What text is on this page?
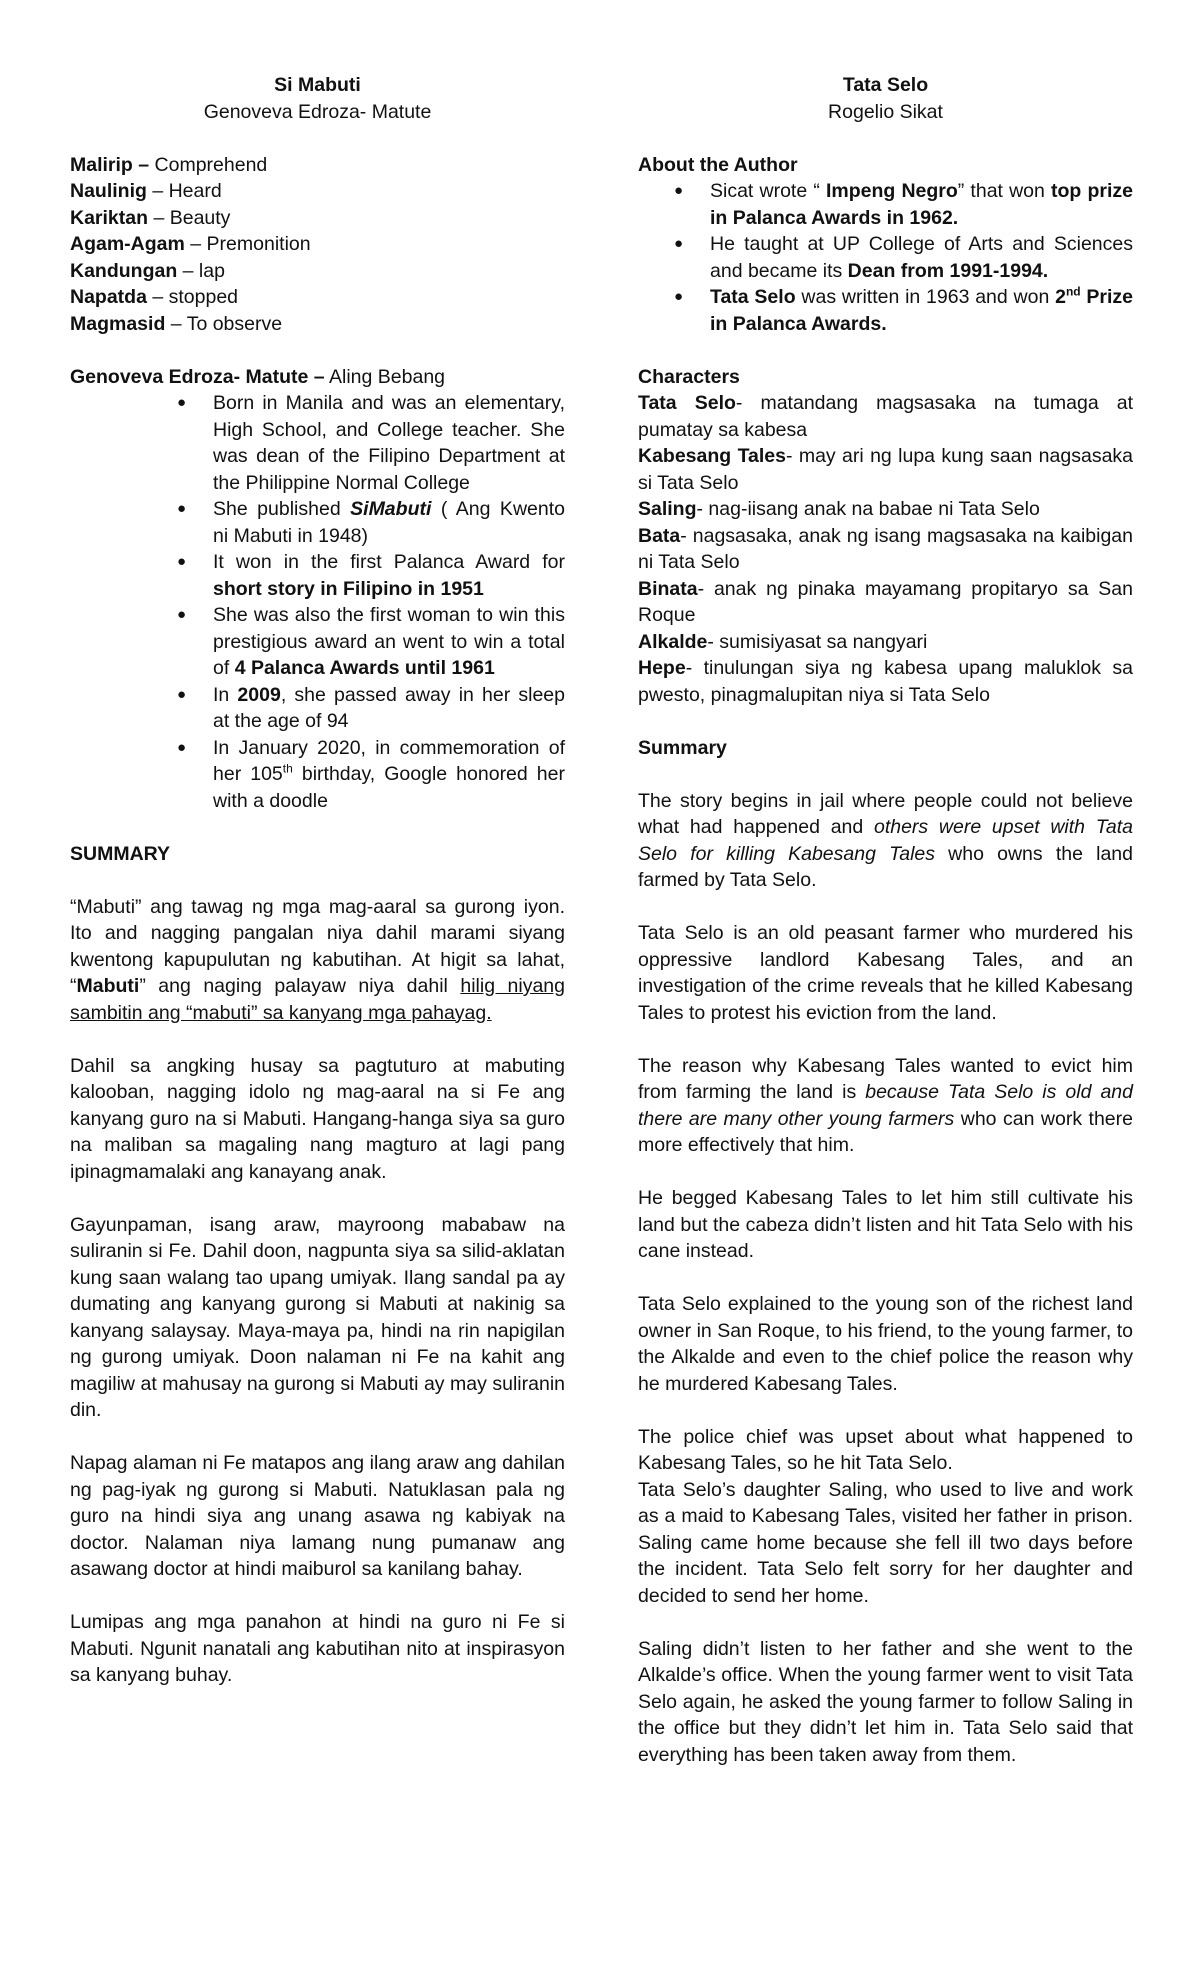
Si Mabuti
Genoveva Edroza- Matute
Malirip – Comprehend
Naulinig – Heard
Kariktan – Beauty
Agam-Agam – Premonition
Kandungan – lap
Napatda – stopped
Magmasid – To observe
Genoveva Edroza- Matute – Aling Bebang
● Born in Manila and was an elementary, High School, and College teacher. She was dean of the Filipino Department at the Philippine Normal College
● She published SiMabuti ( Ang Kwento ni Mabuti in 1948)
● It won in the first Palanca Award for short story in Filipino in 1951
● She was also the first woman to win this prestigious award an went to win a total of 4 Palanca Awards until 1961
● In 2009, she passed away in her sleep at the age of 94
● In January 2020, in commemoration of her 105th birthday, Google honored her with a doodle
SUMMARY

“Mabuti” ang tawag ng mga mag-aaral sa gurong iyon. Ito and nagging pangalan niya dahil marami siyang kwentong kapupulutan ng kabutihan. At higit sa lahat, “Mabuti” ang naging palayaw niya dahil hilig niyang sambitin ang “mabuti” sa kanyang mga pahayag.

Dahil sa angking husay sa pagtuturo at mabuting kalooban, nagging idolo ng mag-aaral na si Fe ang kanyang guro na si Mabuti. Hangang-hanga siya sa guro na maliban sa magaling nang magturo at lagi pang ipinagmamalaki ang kanayang anak.

Gayunpaman, isang araw, mayroong mababaw na suliranin si Fe. Dahil doon, nagpunta siya sa silid-aklatan kung saan walang tao upang umiyak. Ilang sandal pa ay dumating ang kanyang gurong si Mabuti at nakinig sa kanyang salaysay. Maya-maya pa, hindi na rin napigilan ng gurong umiyak. Doon nalaman ni Fe na kahit ang magiliw at mahusay na gurong si Mabuti ay may suliranin din.

Napag alaman ni Fe matapos ang ilang araw ang dahilan ng pag-iyak ng gurong si Mabuti. Natuklasan pala ng guro na hindi siya ang unang asawa ng kabiyak na doctor. Nalaman niya lamang nung pumanaw ang asawang doctor at hindi maiburol sa kanilang bahay.

Lumipas ang mga panahon at hindi na guro ni Fe si Mabuti. Ngunit nanatali ang kabutihan nito at inspirasyon sa kanyang buhay.

Tata Selo
Rogelio Sikat
About the Author
● Sicat wrote “ Impeng Negro” that won top prize in Palanca Awards in 1962.
● He taught at UP College of Arts and Sciences and became its Dean from 1991-1994.
● Tata Selo was written in 1963 and won 2nd Prize in Palanca Awards.
Characters
Tata Selo- matandang magsasaka na tumaga at pumatay sa kabesa
Kabesang Tales- may ari ng lupa kung saan nagsasaka si Tata Selo
Saling- nag-iisang anak na babae ni Tata Selo
Bata- nagsasaka, anak ng isang magsasaka na kaibigan ni Tata Selo
Binata- anak ng pinaka mayamang propitaryo sa San Roque
Alkalde- sumisiyasat sa nangyari
Hepe- tinulungan siya ng kabesa upang maluklok sa pwesto, pinagmalupitan niya si Tata Selo
Summary

The story begins in jail where people could not believe what had happened and others were upset with Tata Selo for killing Kabesang Tales who owns the land farmed by Tata Selo.

Tata Selo is an old peasant farmer who murdered his oppressive landlord Kabesang Tales, and an investigation of the crime reveals that he killed Kabesang Tales to protest his eviction from the land.

The reason why Kabesang Tales wanted to evict him from farming the land is because Tata Selo is old and there are many other young farmers who can work there more effectively that him.

He begged Kabesang Tales to let him still cultivate his land but the cabeza didn’t listen and hit Tata Selo with his cane instead.

Tata Selo explained to the young son of the richest land owner in San Roque, to his friend, to the young farmer, to the Alkalde and even to the chief police the reason why he murdered Kabesang Tales.

The police chief was upset about what happened to Kabesang Tales, so he hit Tata Selo.

Tata Selo’s daughter Saling, who used to live and work as a maid to Kabesang Tales, visited her father in prison. Saling came home because she fell ill two days before the incident. Tata Selo felt sorry for her daughter and decided to send her home.

Saling didn’t listen to her father and she went to the Alkalde’s office. When the young farmer went to visit Tata Selo again, he asked the young farmer to follow Saling in the office but they didn’t let him in. Tata Selo said that everything has been taken away from them.
